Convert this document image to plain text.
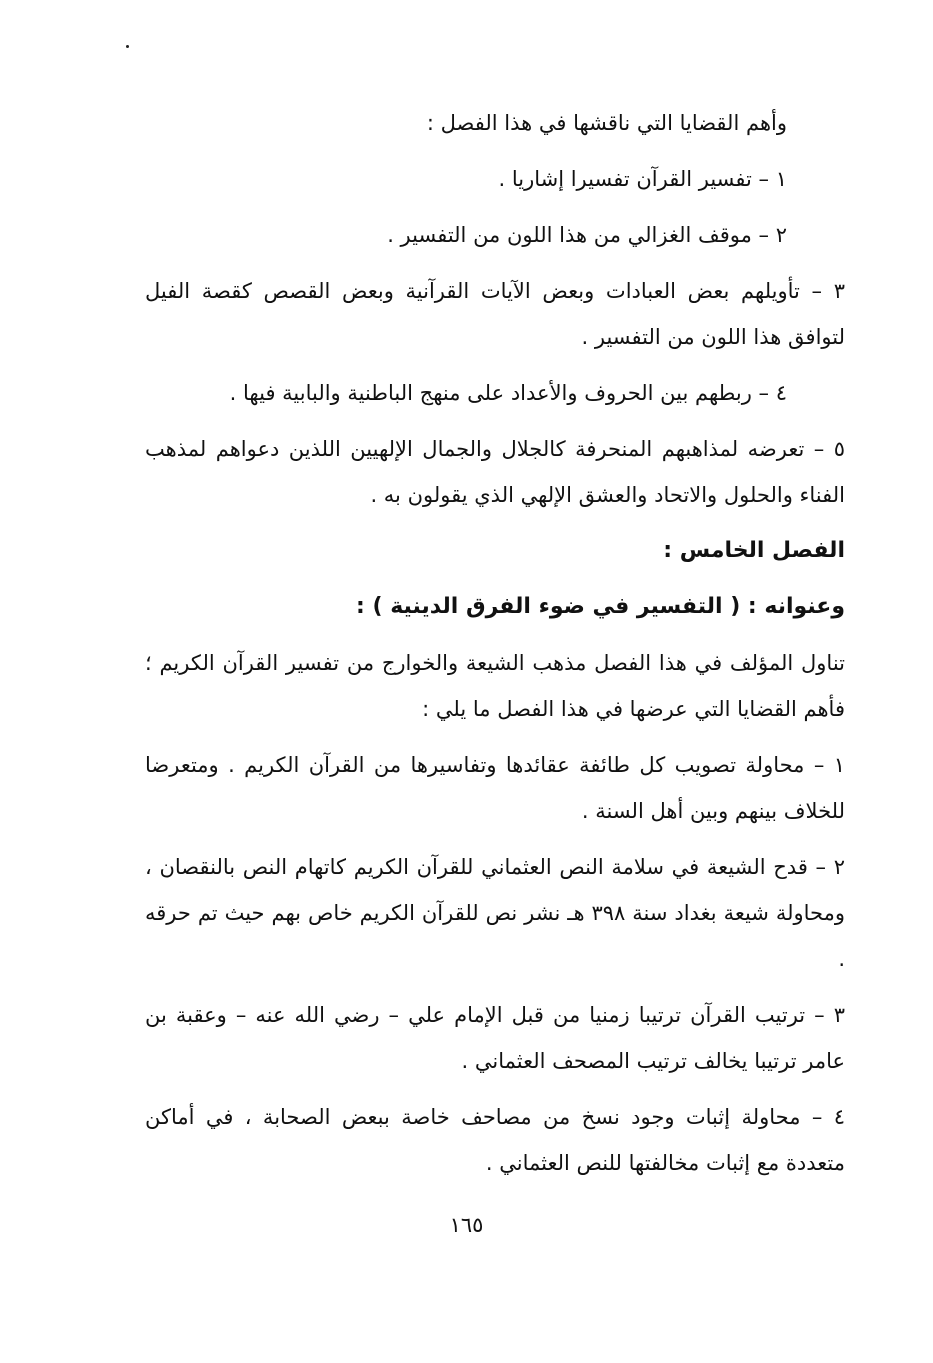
وأهم القضايا التي ناقشها في هذا الفصل :

١ – تفسير القرآن تفسيرا إشاريا .

٢ – موقف الغزالي من هذا اللون من التفسير .

٣ – تأويلهم بعض العبادات وبعض الآيات القرآنية وبعض القصص كقصة الفيل لتوافق هذا اللون من التفسير .

٤ – ربطهم بين الحروف والأعداد على منهج الباطنية والبابية فيها .

٥ – تعرضه لمذاهبهم المنحرفة كالجلال والجمال الإلهيين اللذين دعواهم لمذهب الفناء والحلول والاتحاد والعشق الإلهي الذي يقولون به .

الفصل الخامس :
وعنوانه : ( التفسير في ضوء الفرق الدينية ) :

تناول المؤلف في هذا الفصل مذهب الشيعة والخوارج من تفسير القرآن الكريم ؛ فأهم القضايا التي عرضها في هذا الفصل ما يلي :

١ – محاولة تصويب كل طائفة عقائدها وتفاسيرها من القرآن الكريم . ومتعرضا للخلاف بينهم وبين أهل السنة .

٢ – قدح الشيعة في سلامة النص العثماني للقرآن الكريم كاتهام النص بالنقصان ، ومحاولة شيعة بغداد سنة ٣٩٨ هـ نشر نص للقرآن الكريم خاص بهم حيث تم حرقه .

٣ – ترتيب القرآن ترتيبا زمنيا من قبل الإمام علي – رضي الله عنه – وعقبة بن عامر ترتيبا يخالف ترتيب المصحف العثماني .

٤ – محاولة إثبات وجود نسخ من مصاحف خاصة ببعض الصحابة ، في أماكن متعددة مع إثبات مخالفتها للنص العثماني .

١٦٥
